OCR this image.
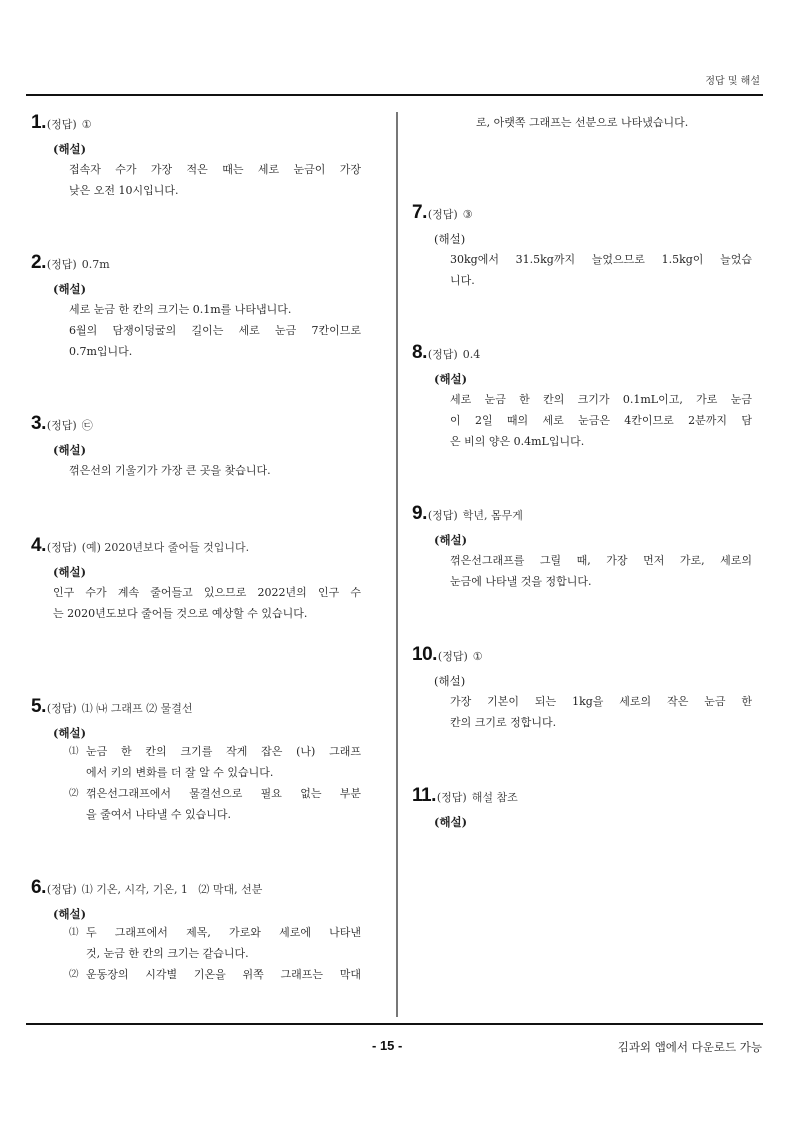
정답 및 해설
1. (정답) ①
(해설)

접속자 수가 가장 적은 때는 세로 눈금이 가장

낮은 오전 10시입니다.

2. (정답) 0.7m
(해설)

세로 눈금 한 칸의 크기는 0.1m를 나타냅니다.

6월의 담쟁이덩굴의 길이는 세로 눈금 7칸이므로

0.7m입니다.

3. (정답) ㉢
(해설)

꺾은선의 기울기가 가장 큰 곳을 찾습니다.

4. (정답) (예) 2020년보다 줄어들 것입니다.
(해설)

인구 수가 계속 줄어들고 있으므로 2022년의 인구 수

는 2020년도보다 줄어들 것으로 예상할 수 있습니다.

5. (정답) ⑴ ㈏ 그래프 ⑵ 물결선
(해설)
⑴ 눈금 한 칸의 크기를 작게 잡은 (나) 그래프

에서 키의 변화를 더 잘 알 수 있습니다.

⑵ 꺾은선그래프에서 물결선으로 필요 없는 부분

을 줄여서 나타낼 수 있습니다.

6. (정답) ⑴ 기온, 시각, 기온, 1   ⑵ 막대, 선분
(해설)
⑴ 두 그래프에서 제목, 가로와 세로에 나타낸

것, 눈금 한 칸의 크기는 같습니다.

⑵ 운동장의 시각별 기온을 위쪽 그래프는 막대

로, 아랫쪽 그래프는 선분으로 나타냈습니다.
7. (정답) ③
(해설)

30kg에서 31.5kg까지 늘었으므로 1.5kg이 늘었습

니다.

8. (정답) 0.4
(해설)

세로 눈금 한 칸의 크기가 0.1mL이고, 가로 눈금

이 2일 때의 세로 눈금은 4칸이므로 2분까지 담

은 비의 양은 0.4mL입니다.

9. (정답) 학년, 몸무게
(해설)

꺾은선그래프를 그릴 때, 가장 먼저 가로, 세로의

눈금에 나타낼 것을 정합니다.

10. (정답) ①
(해설)

가장 기본이 되는 1kg을 세로의 작은 눈금 한

칸의 크기로 정합니다.

11. (정답) 해설 참조
(해설)
- 15 -	김과외 앱에서 다운로드 가능
